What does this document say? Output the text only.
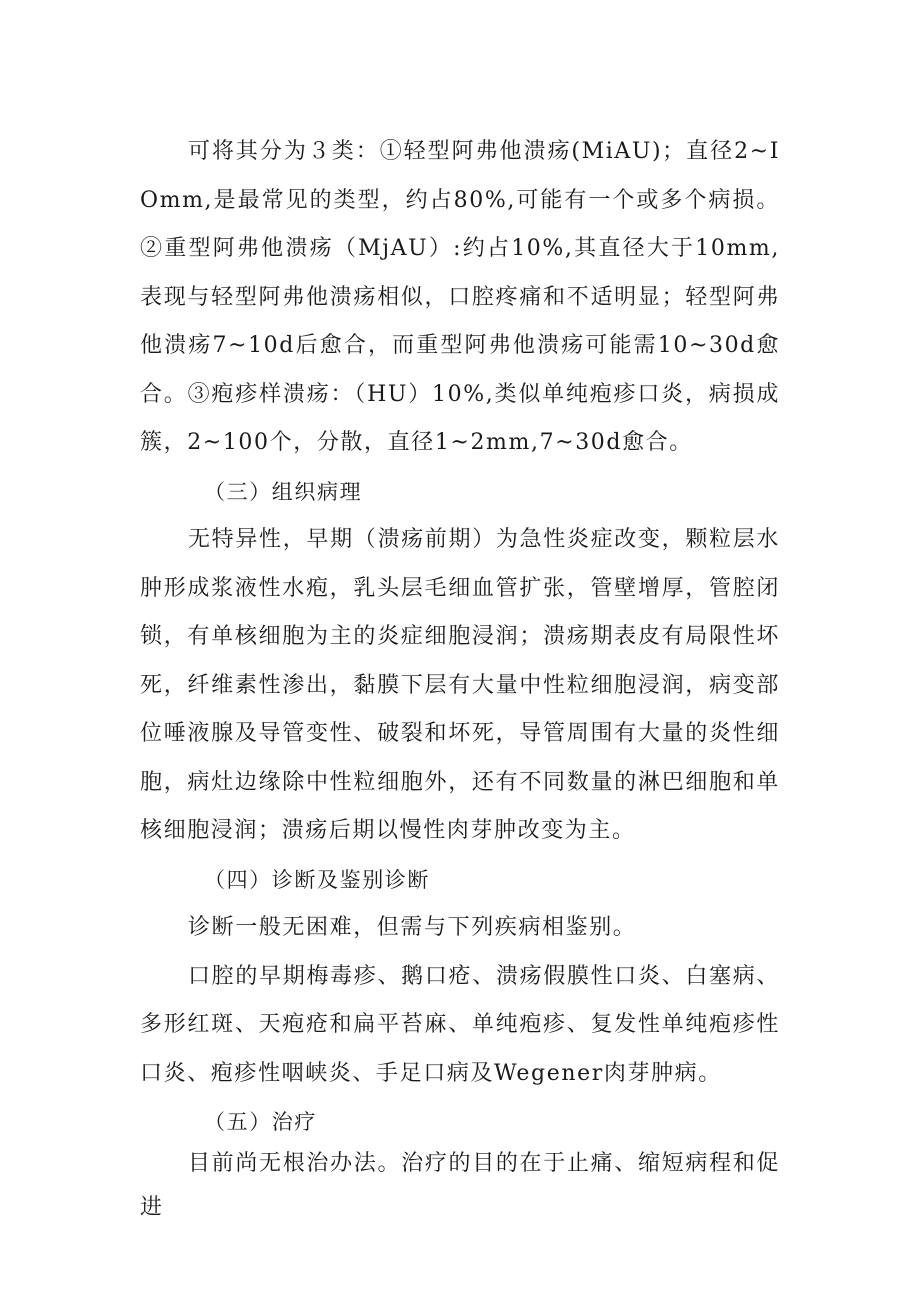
可将其分为３类：①轻型阿弗他溃疡(MiAU)；直径2~IOmm,是最常见的类型，约占80%,可能有一个或多个病损。②重型阿弗他溃疡（MjAU）:约占10%,其直径大于10mm,表现与轻型阿弗他溃疡相似，口腔疼痛和不适明显；轻型阿弗他溃疡7~10d后愈合，而重型阿弗他溃疡可能需10~30d愈合。③疱疹样溃疡：（HU）10%,类似单纯疱疹口炎，病损成簇，2~100个，分散，直径1~2mm,7~30d愈合。

（三）组织病理

无特异性，早期（溃疡前期）为急性炎症改变，颗粒层水肿形成浆液性水疱，乳头层毛细血管扩张，管壁增厚，管腔闭锁，有单核细胞为主的炎症细胞浸润；溃疡期表皮有局限性坏死，纤维素性渗出，黏膜下层有大量中性粒细胞浸润，病变部位唾液腺及导管变性、破裂和坏死，导管周围有大量的炎性细胞，病灶边缘除中性粒细胞外，还有不同数量的淋巴细胞和单核细胞浸润；溃疡后期以慢性肉芽肿改变为主。

（四）诊断及鉴别诊断

诊断一般无困难，但需与下列疾病相鉴别。

口腔的早期梅毒疹、鹅口疮、溃疡假膜性口炎、白塞病、多形红斑、天疱疮和扁平苔麻、单纯疱疹、复发性单纯疱疹性口炎、疱疹性咽峡炎、手足口病及Wegener肉芽肿病。

（五）治疗

目前尚无根治办法。治疗的目的在于止痛、缩短病程和促进
